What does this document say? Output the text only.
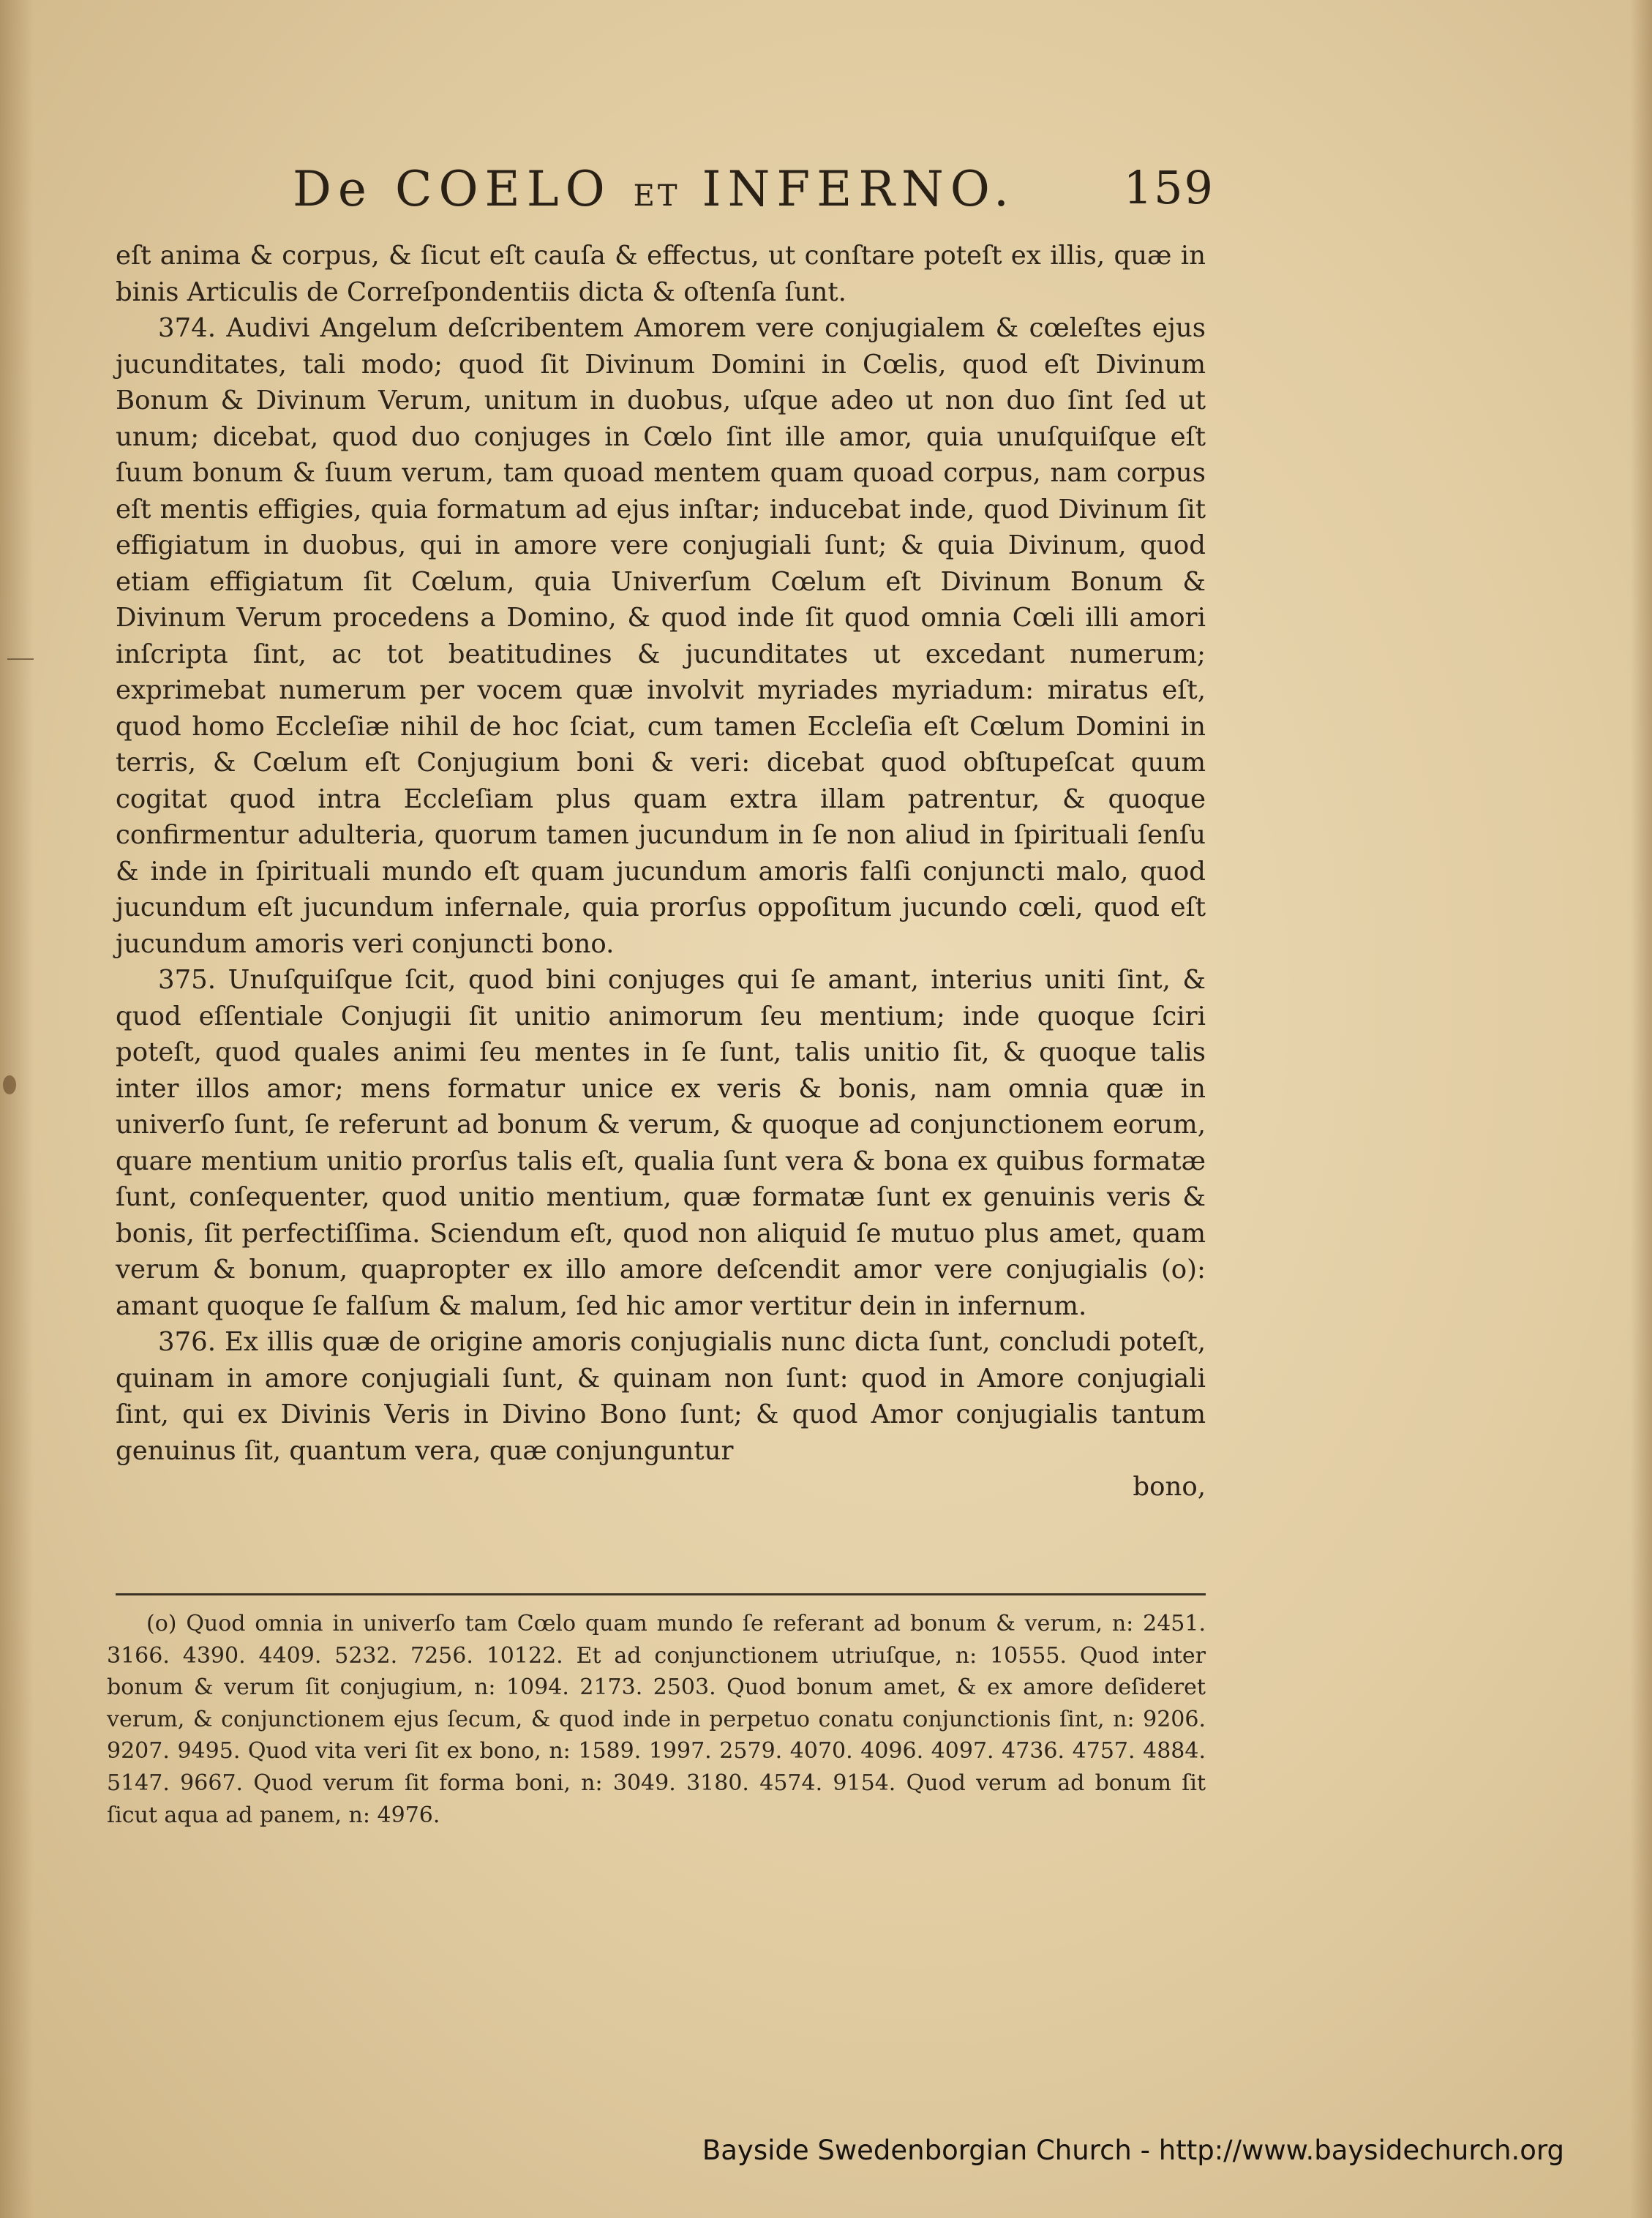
De COELO ET INFERNO. 159

eſt anima & corpus, & ſicut eſt cauſa & effectus, ut conſtare poteſt ex illis, quæ in binis Articulis de Correſpondentiis dicta & oſtenſa ſunt.

374. Audivi Angelum deſcribentem Amorem vere conjugialem & cœleſtes ejus jucunditates, tali modo; quod ſit Divinum Domini in Cœlis, quod eſt Divinum Bonum & Divinum Verum, unitum in duobus, uſque adeo ut non duo ſint ſed ut unum; dicebat, quod duo conjuges in Cœlo ſint ille amor, quia unuſquiſque eſt ſuum bonum & ſuum verum, tam quoad mentem quam quoad corpus, nam corpus eſt mentis effigies, quia formatum ad ejus inſtar; inducebat inde, quod Divinum ſit effigiatum in duobus, qui in amore vere conjugiali ſunt; & quia Divinum, quod etiam effigiatum ſit Cœlum, quia Univerſum Cœlum eſt Divinum Bonum & Divinum Verum procedens a Domino, & quod inde ſit quod omnia Cœli illi amori inſcripta ſint, ac tot beatitudines & jucunditates ut excedant numerum; exprimebat numerum per vocem quæ involvit myriades myriadum: miratus eſt, quod homo Eccleſiæ nihil de hoc ſciat, cum tamen Eccleſia eſt Cœlum Domini in terris, & Cœlum eſt Conjugium boni & veri: dicebat quod obſtupeſcat quum cogitat quod intra Eccleſiam plus quam extra illam patrentur, & quoque confirmentur adulteria, quorum tamen jucundum in ſe non aliud in ſpirituali ſenſu & inde in ſpirituali mundo eſt quam jucundum amoris falſi conjuncti malo, quod jucundum eſt jucundum infernale, quia prorſus oppoſitum jucundo cœli, quod eſt jucundum amoris veri conjuncti bono.

375. Unuſquiſque ſcit, quod bini conjuges qui ſe amant, interius uniti ſint, & quod eſſentiale Conjugii ſit unitio animorum ſeu mentium; inde quoque ſciri poteſt, quod quales animi ſeu mentes in ſe ſunt, talis unitio ſit, & quoque talis inter illos amor; mens formatur unice ex veris & bonis, nam omnia quæ in univerſo ſunt, ſe referunt ad bonum & verum, & quoque ad conjunctionem eorum, quare mentium unitio prorſus talis eſt, qualia ſunt vera & bona ex quibus formatæ ſunt, conſequenter, quod unitio mentium, quæ formatæ ſunt ex genuinis veris & bonis, ſit perfectiſſima. Sciendum eſt, quod non aliquid ſe mutuo plus amet, quam verum & bonum, quapropter ex illo amore deſcendit amor vere conjugialis (o): amant quoque ſe falſum & malum, ſed hic amor vertitur dein in infernum.

376. Ex illis quæ de origine amoris conjugialis nunc dicta ſunt, concludi poteſt, quinam in amore conjugiali ſunt, & quinam non ſunt: quod in Amore conjugiali ſint, qui ex Divinis Veris in Divino Bono ſunt; & quod Amor conjugialis tantum genuinus ſit, quantum vera, quæ conjunguntur

bono,

(o) Quod omnia in univerſo tam Cœlo quam mundo ſe referant ad bonum & verum, n: 2451. 3166. 4390. 4409. 5232. 7256. 10122. Et ad conjunctionem utriuſque, n: 10555. Quod inter bonum & verum ſit conjugium, n: 1094. 2173. 2503. Quod bonum amet, & ex amore deſideret verum, & conjunctionem ejus ſecum, & quod inde in perpetuo conatu conjunctionis ſint, n: 9206. 9207. 9495. Quod vita veri ſit ex bono, n: 1589. 1997. 2579. 4070. 4096. 4097. 4736. 4757. 4884. 5147. 9667. Quod verum ſit forma boni, n: 3049. 3180. 4574. 9154. Quod verum ad bonum ſit ſicut aqua ad panem, n: 4976.

Bayside Swedenborgian Church - http://www.baysidechurch.org
